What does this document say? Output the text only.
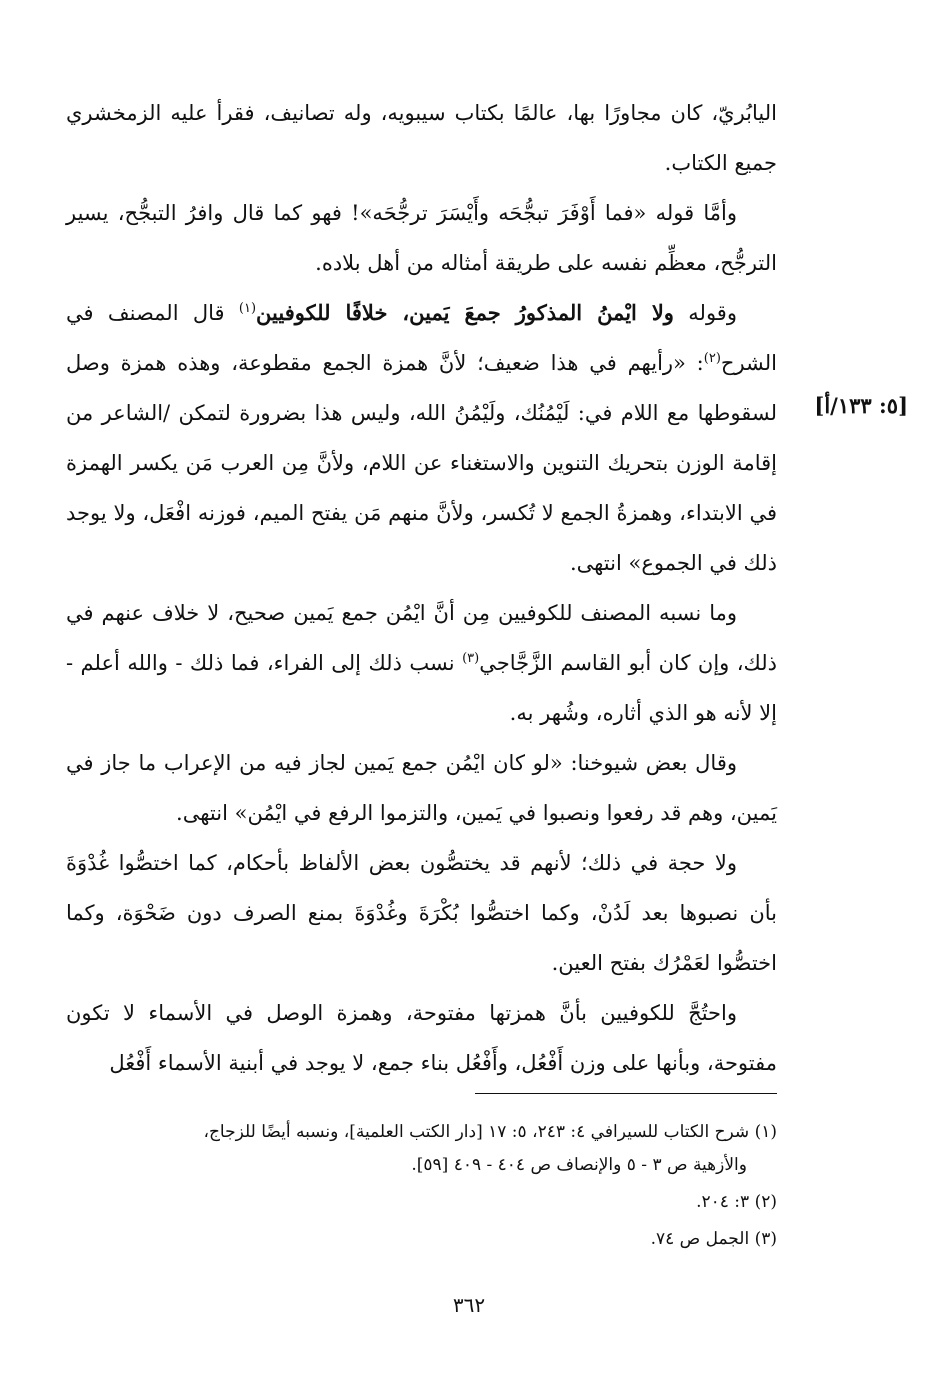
اليابُريّ، كان مجاورًا بها، عالمًا بكتاب سيبويه، وله تصانيف، فقرأ عليه الزمخشري جميع الكتاب.

وأمَّا قوله «فما أَوْفَرَ تبجُّحَه وأَيْسَرَ ترجُّحَه»! فهو كما قال وافرُ التبجُّح، يسير الترجُّح، معظِّم نفسه على طريقة أمثاله من أهل بلاده.

وقوله ولا ايْمنُ المذكورُ جمعَ يَمين، خلافًا للكوفيين$^{(١)}$ قال المصنف في الشرح$^{(٢)}$: «رأيهم في هذا ضعيف؛ لأنَّ همزة الجمع مقطوعة، وهذه همزة وصل لسقوطها مع اللام في: لَيْمُنُك، ولَيْمُنُ الله، وليس هذا بضرورة لتمكن /الشاعر من إقامة الوزن بتحريك التنوين والاستغناء عن اللام، ولأنَّ مِن العرب مَن يكسر الهمزة في الابتداء، وهمزةُ الجمع لا تُكسر، ولأنَّ منهم مَن يفتح الميم، فوزنه افْعَل، ولا يوجد ذلك في الجموع» انتهى.

وما نسبه المصنف للكوفيين مِن أنَّ ايْمُن جمع يَمين صحيح، لا خلاف عنهم في ذلك، وإن كان أبو القاسم الزَّجَّاجي$^{(٣)}$ نسب ذلك إلى الفراء، فما ذلك - والله أعلم - إلا لأنه هو الذي أثاره، وشُهر به.

وقال بعض شيوخنا: «لو كان ايْمُن جمع يَمين لجاز فيه من الإعراب ما جاز في يَمين، وهم قد رفعوا ونصبوا في يَمين، والتزموا الرفع في ايْمُن» انتهى.

ولا حجة في ذلك؛ لأنهم قد يختصُّون بعض الألفاظ بأحكام، كما اختصُّوا غُدْوَةَ بأن نصبوها بعد لَدُنْ، وكما اختصُّوا بُكْرَةَ وغُدْوَةَ بمنع الصرف دون ضَحْوَة، وكما اختصُّوا لعَمْرُك بفتح العين.

واحتُجَّ للكوفيين بأنَّ همزتها مفتوحة، وهمزة الوصل في الأسماء لا تكون مفتوحة، وبأنها على وزن أَفْعُل، وأَفْعُل بناء جمع، لا يوجد في أبنية الأسماء أَفْعُل

[٥: ١٣٣/أ]
(١) شرح الكتاب للسيرافي ٤: ٢٤٣، ٥: ١٧ [دار الكتب العلمية]، ونسبه أيضًا للزجاج،
والأزهية ص ٣ - ٥ والإنصاف ص ٤٠٤ - ٤٠٩ [٥٩].
(٢) ٣: ٢٠٤.
(٣) الجمل ص ٧٤.
٣٦٢
